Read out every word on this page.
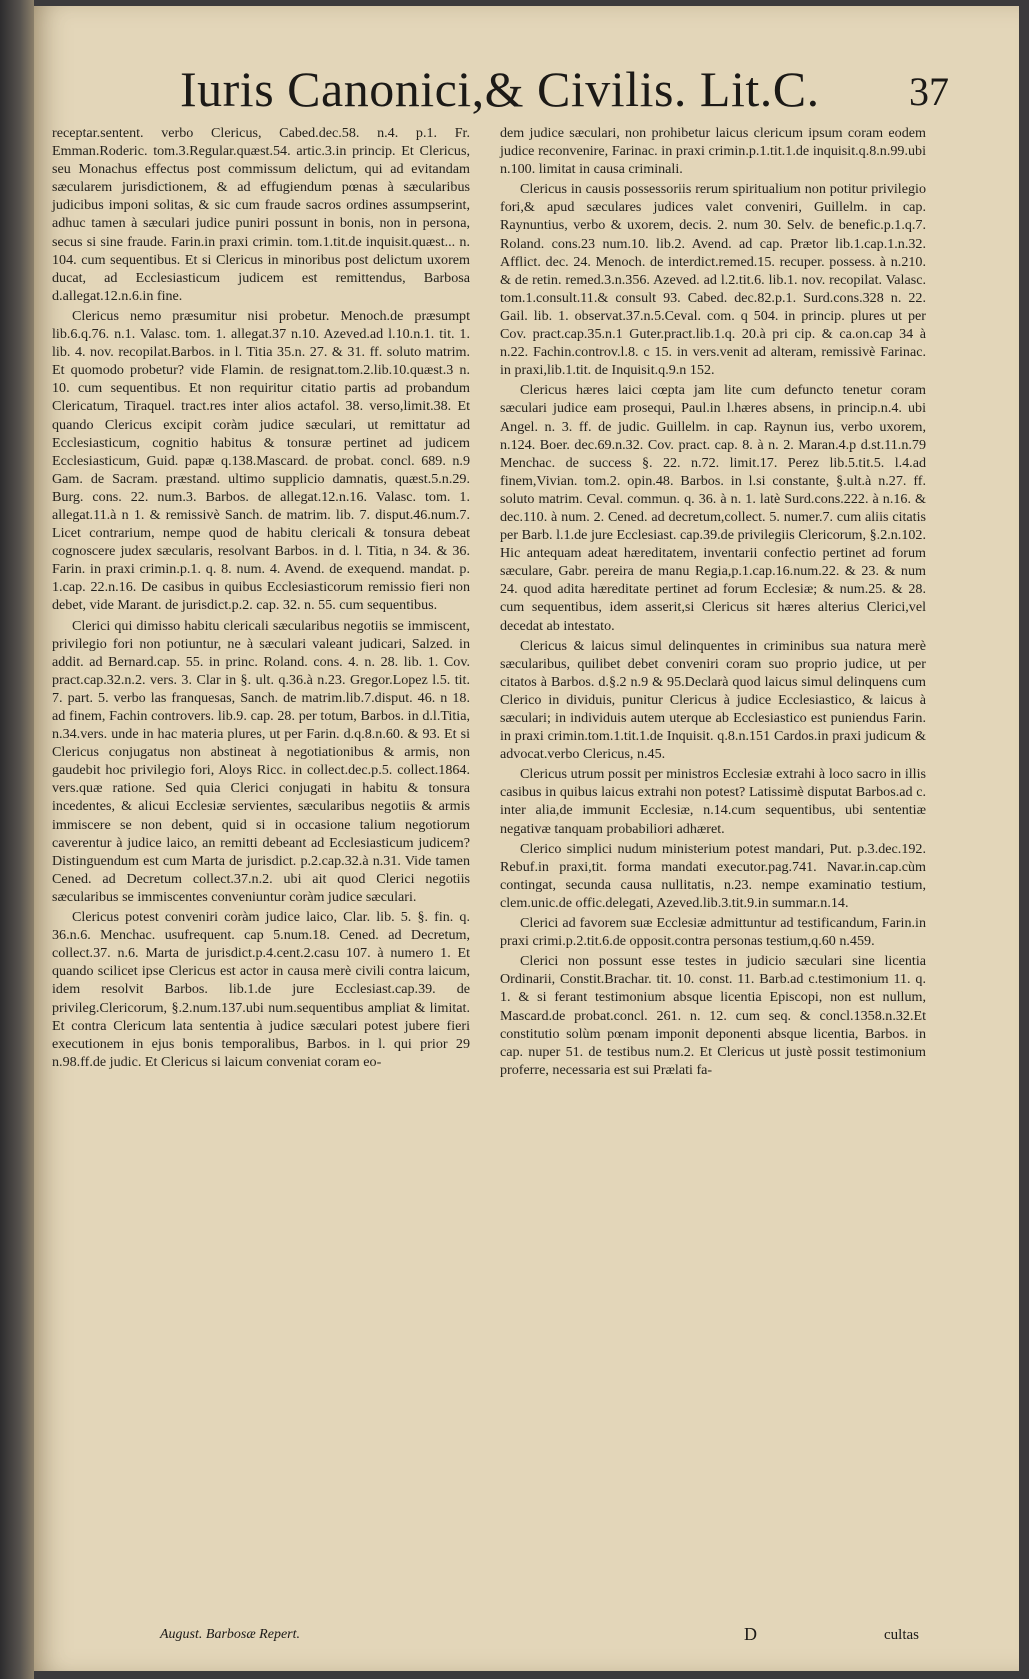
Iuris Canonici,& Civilis. Lit.C. 37

receptar.sentent. verbo Clericus, Cabed.dec.58. n.4. p.1. Fr. Emman.Roderic. tom.3.Regular.quæst.54. artic.3.in princip. Et Clericus, seu Monachus effectus post commissum delictum, qui ad evitandam sæcularem jurisdictionem, & ad effugiendum pœnas à sæcularibus judicibus imponi solitas, & sic cum fraude sacros ordines assumpserint, adhuc tamen à sæculari judice puniri possunt in bonis, non in persona, secus si sine fraude. Farin.in praxi crimin. tom.1.tit.de inquisit.quæst... n. 104. cum sequentibus. Et si Clericus in minoribus post delictum uxorem ducat, ad Ecclesiasticum judicem est remittendus, Barbosa d.allegat.12.n.6.in fine.

Clericus nemo præsumitur nisi probetur. Menoch.de præsumpt lib.6.q.76. n.1. Valasc. tom. 1. allegat.37 n.10. Azeved.ad l.10.n.1. tit. 1. lib. 4. nov. recopilat.Barbos. in l. Titia 35.n. 27. & 31. ff. soluto matrim. Et quomodo probetur? vide Flamin. de resignat.tom.2.lib.10.quæst.3 n. 10. cum sequentibus. Et non requiritur citatio partis ad probandum Clericatum, Tiraquel. tract.res inter alios actafol. 38. verso,limit.38. Et quando Clericus excipit coràm judice sæculari, ut remittatur ad Ecclesiasticum, cognitio habitus & tonsuræ pertinet ad judicem Ecclesiasticum, Guid. papæ q.138.Mascard. de probat. concl. 689. n.9 Gam. de Sacram. præstand. ultimo supplicio damnatis, quæst.5.n.29. Burg. cons. 22. num.3. Barbos. de allegat.12.n.16. Valasc. tom. 1. allegat.11.à n 1. & remissivè Sanch. de matrim. lib. 7. disput.46.num.7. Licet contrarium, nempe quod de habitu clericali & tonsura debeat cognoscere judex sæcularis, resolvant Barbos. in d. l. Titia, n 34. & 36. Farin. in praxi crimin.p.1. q. 8. num. 4. Avend. de exequend. mandat. p. 1.cap. 22.n.16. De casibus in quibus Ecclesiasticorum remissio fieri non debet, vide Marant. de jurisdict.p.2. cap. 32. n. 55. cum sequentibus.

Clerici qui dimisso habitu clericali sæcularibus negotiis se immiscent, privilegio fori non potiuntur, ne à sæculari valeant judicari, Salzed. in addit. ad Bernard.cap. 55. in princ. Roland. cons. 4. n. 28. lib. 1. Cov. pract.cap.32.n.2. vers. 3. Clar in §. ult. q.36.à n.23. Gregor.Lopez l.5. tit. 7. part. 5. verbo las franquesas, Sanch. de matrim.lib.7.disput. 46. n 18. ad finem, Fachin controvers. lib.9. cap. 28. per totum, Barbos. in d.l.Titia, n.34.vers. unde in hac materia plures, ut per Farin. d.q.8.n.60. & 93. Et si Clericus conjugatus non abstineat à negotiationibus & armis, non gaudebit hoc privilegio fori, Aloys Ricc. in collect.dec.p.5. collect.1864. vers.quæ ratione. Sed quia Clerici conjugati in habitu & tonsura incedentes, & alicui Ecclesiæ servientes, sæcularibus negotiis & armis immiscere se non debent, quid si in occasione talium negotiorum caverentur à judice laico, an remitti debeant ad Ecclesiasticum judicem? Distinguendum est cum Marta de jurisdict. p.2.cap.32.à n.31. Vide tamen Cened. ad Decretum collect.37.n.2. ubi ait quod Clerici negotiis sæcularibus se immiscentes conveniuntur coràm judice sæculari.

Clericus potest conveniri coràm judice laico, Clar. lib. 5. §. fin. q. 36.n.6. Menchac. usufrequent. cap 5.num.18. Cened. ad Decretum, collect.37. n.6. Marta de jurisdict.p.4.cent.2.casu 107. à numero 1. Et quando scilicet ipse Clericus est actor in causa merè civili contra laicum, idem resolvit Barbos. lib.1.de jure Ecclesiast.cap.39. de privileg.Clericorum, §.2.num.137.ubi num.sequentibus ampliat & limitat. Et contra Clericum lata sententia à judice sæculari potest jubere fieri executionem in ejus bonis temporalibus, Barbos. in l. qui prior 29 n.98.ff.de judic. Et Clericus si laicum conveniat coram eo-

dem judice sæculari, non prohibetur laicus clericum ipsum coram eodem judice reconvenire, Farinac. in praxi crimin.p.1.tit.1.de inquisit.q.8.n.99.ubi n.100. limitat in causa criminali.

Clericus in causis possessoriis rerum spiritualium non potitur privilegio fori,& apud sæculares judices valet conveniri, Guillelm. in cap. Raynuntius, verbo & uxorem, decis. 2. num 30. Selv. de benefic.p.1.q.7. Roland. cons.23 num.10. lib.2. Avend. ad cap. Prætor lib.1.cap.1.n.32. Afflict. dec. 24. Menoch. de interdict.remed.15. recuper. possess. à n.210. & de retin. remed.3.n.356. Azeved. ad l.2.tit.6. lib.1. nov. recopilat. Valasc. tom.1.consult.11.& consult 93. Cabed. dec.82.p.1. Surd.cons.328 n. 22. Gail. lib. 1. observat.37.n.5.Ceval. com. q 504. in princip. plures ut per Cov. pract.cap.35.n.1 Guter.pract.lib.1.q. 20.à pri cip. & ca.on.cap 34 à n.22. Fachin.controv.l.8. c 15. in vers.venit ad alteram, remissivè Farinac. in praxi,lib.1.tit. de Inquisit.q.9.n 152.

Clericus hæres laici cœpta jam lite cum defuncto tenetur coram sæculari judice eam prosequi, Paul.in l.hæres absens, in princip.n.4. ubi Angel. n. 3. ff. de judic. Guillelm. in cap. Raynun ius, verbo uxorem, n.124. Boer. dec.69.n.32. Cov. pract. cap. 8. à n. 2. Maran.4.p d.st.11.n.79 Menchac. de success §. 22. n.72. limit.17. Perez lib.5.tit.5. l.4.ad finem,Vivian. tom.2. opin.48. Barbos. in l.si constante, §.ult.à n.27. ff. soluto matrim. Ceval. commun. q. 36. à n. 1. latè Surd.cons.222. à n.16. & dec.110. à num. 2. Cened. ad decretum,collect. 5. numer.7. cum aliis citatis per Barb. l.1.de jure Ecclesiast. cap.39.de privilegiis Clericorum, §.2.n.102. Hic antequam adeat hæreditatem, inventarii confectio pertinet ad forum sæculare, Gabr. pereira de manu Regia,p.1.cap.16.num.22. & 23. & num 24. quod adita hæreditate pertinet ad forum Ecclesiæ; & num.25. & 28. cum sequentibus, idem asserit,si Clericus sit hæres alterius Clerici,vel decedat ab intestato.

Clericus & laicus simul delinquentes in criminibus sua natura merè sæcularibus, quilibet debet conveniri coram suo proprio judice, ut per citatos à Barbos. d.§.2 n.9 & 95.Declarà quod laicus simul delinquens cum Clerico in dividuis, punitur Clericus à judice Ecclesiastico, & laicus à sæculari; in individuis autem uterque ab Ecclesiastico est puniendus Farin. in praxi crimin.tom.1.tit.1.de Inquisit. q.8.n.151 Cardos.in praxi judicum & advocat.verbo Clericus, n.45.

Clericus utrum possit per ministros Ecclesiæ extrahi à loco sacro in illis casibus in quibus laicus extrahi non potest? Latissimè disputat Barbos.ad c. inter alia,de immunit Ecclesiæ, n.14.cum sequentibus, ubi sententiæ negativæ tanquam probabiliori adhæret.

Clerico simplici nudum ministerium potest mandari, Put. p.3.dec.192. Rebuf.in praxi,tit. forma mandati executor.pag.741. Navar.in.cap.cùm contingat, secunda causa nullitatis, n.23. nempe examinatio testium, clem.unic.de offic.delegati, Azeved.lib.3.tit.9.in summar.n.14.

Clerici ad favorem suæ Ecclesiæ admittuntur ad testificandum, Farin.in praxi crimi.p.2.tit.6.de opposit.contra personas testium,q.60 n.459.

Clerici non possunt esse testes in judicio sæculari sine licentia Ordinarii, Constit.Brachar. tit. 10. const. 11. Barb.ad c.testimonium 11. q. 1. & si ferant testimonium absque licentia Episcopi, non est nullum, Mascard.de probat.concl. 261. n. 12. cum seq. & concl.1358.n.32.Et constitutio solùm pœnam imponit deponenti absque licentia, Barbos. in cap. nuper 51. de testibus num.2. Et Clericus ut justè possit testimonium proferre, necessaria est sui Prælati fa-

August. Barbosæ Repert.	D	cultas
